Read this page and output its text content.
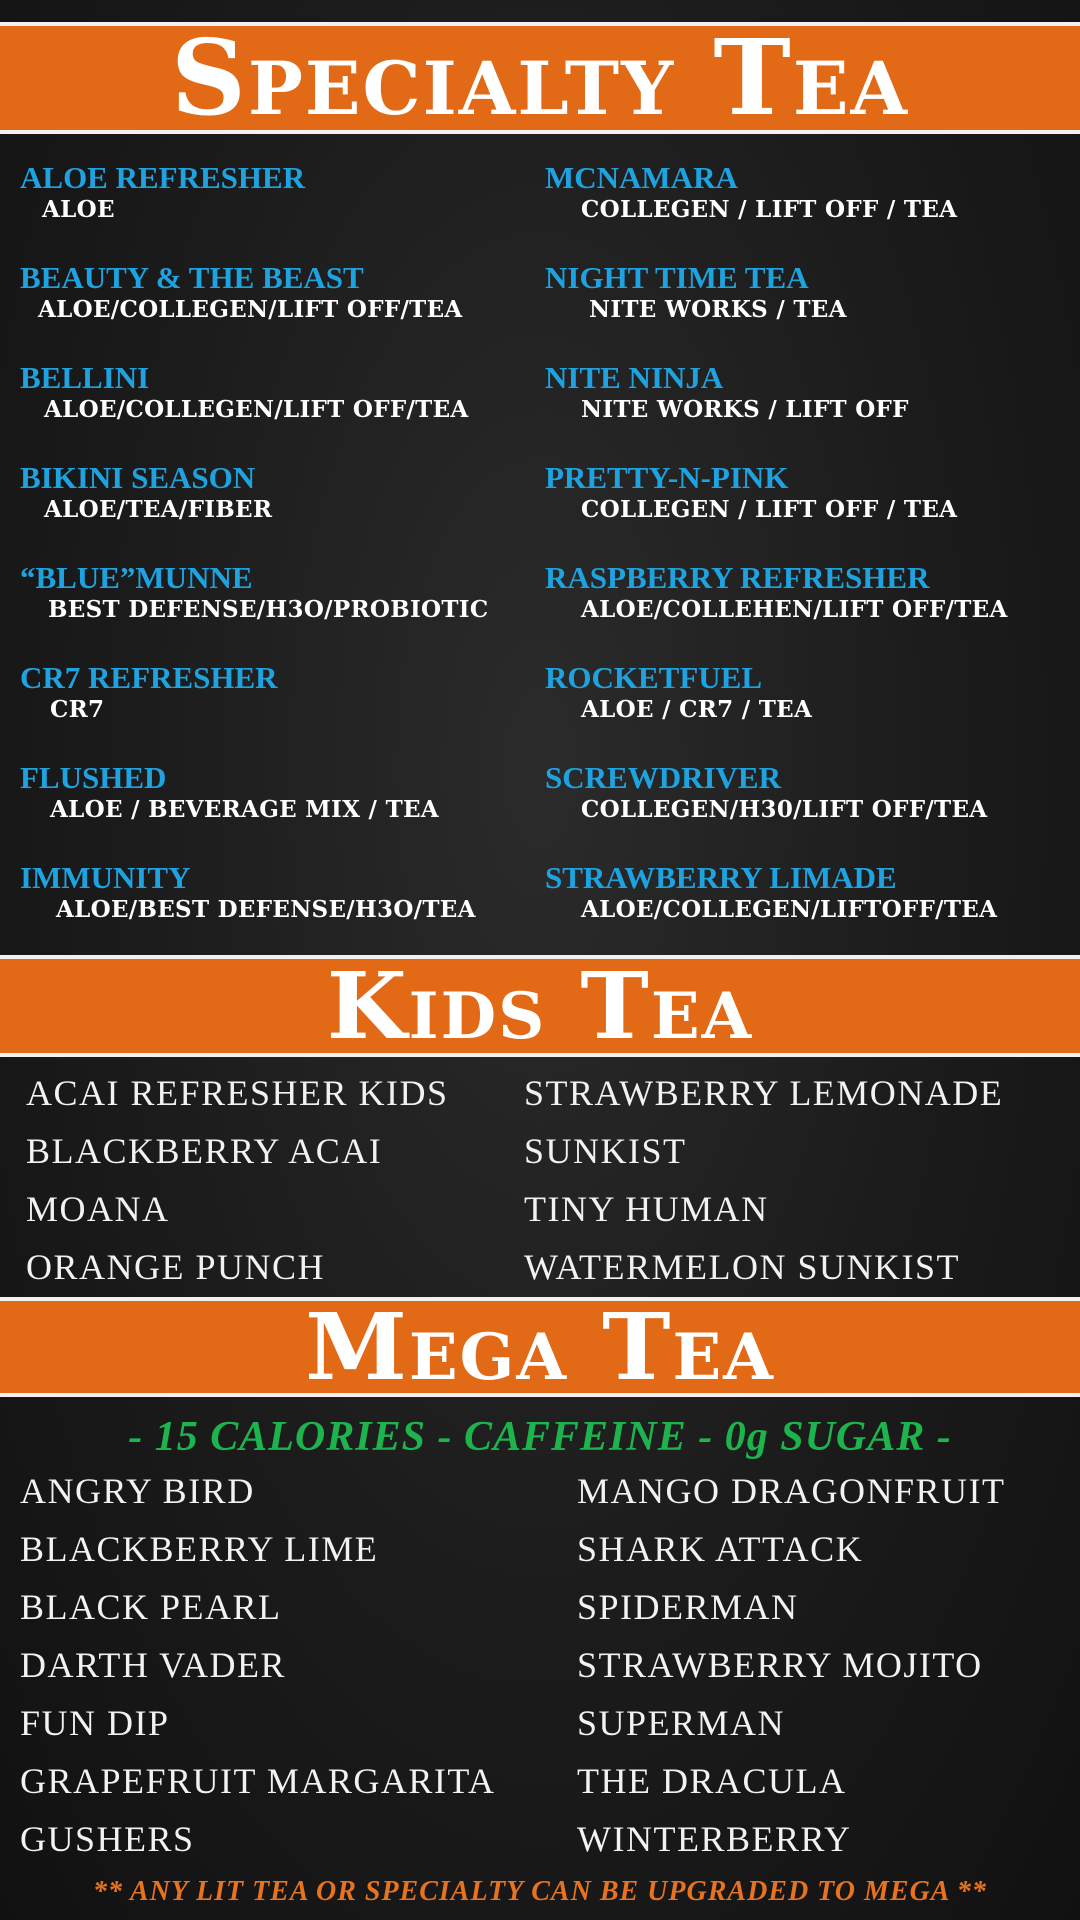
Specialty Tea
ALOE REFRESHER
ALOE
BEAUTY & THE BEAST
ALOE/COLLEGEN/LIFT OFF/TEA
BELLINI
ALOE/COLLEGEN/LIFT OFF/TEA
BIKINI SEASON
ALOE/TEA/FIBER
“BLUE”MUNNE
BEST DEFENSE/H3O/PROBIOTIC
CR7 REFRESHER
CR7
FLUSHED
ALOE / BEVERAGE MIX / TEA
IMMUNITY
ALOE/BEST DEFENSE/H3O/TEA
MCNAMARA
COLLEGEN / LIFT OFF / TEA
NIGHT TIME TEA
NITE WORKS / TEA
NITE NINJA
NITE WORKS / LIFT OFF
PRETTY-N-PINK
COLLEGEN / LIFT OFF / TEA
RASPBERRY REFRESHER
ALOE/COLLEHEN/LIFT OFF/TEA
ROCKETFUEL
ALOE / CR7 / TEA
SCREWDRIVER
COLLEGEN/H30/LIFT OFF/TEA
STRAWBERRY LIMADE
ALOE/COLLEGEN/LIFTOFF/TEA
Kids Tea
ACAI REFRESHER KIDS
BLACKBERRY ACAI
MOANA
ORANGE PUNCH
STRAWBERRY LEMONADE
SUNKIST
TINY HUMAN
WATERMELON SUNKIST
Mega Tea
- 15 CALORIES - CAFFEINE - 0g SUGAR -
ANGRY BIRD
BLACKBERRY LIME
BLACK PEARL
DARTH VADER
FUN DIP
GRAPEFRUIT MARGARITA
GUSHERS
MANGO DRAGONFRUIT
SHARK ATTACK
SPIDERMAN
STRAWBERRY MOJITO
SUPERMAN
THE DRACULA
WINTERBERRY
** ANY LIT TEA OR SPECIALTY CAN BE UPGRADED TO MEGA **
